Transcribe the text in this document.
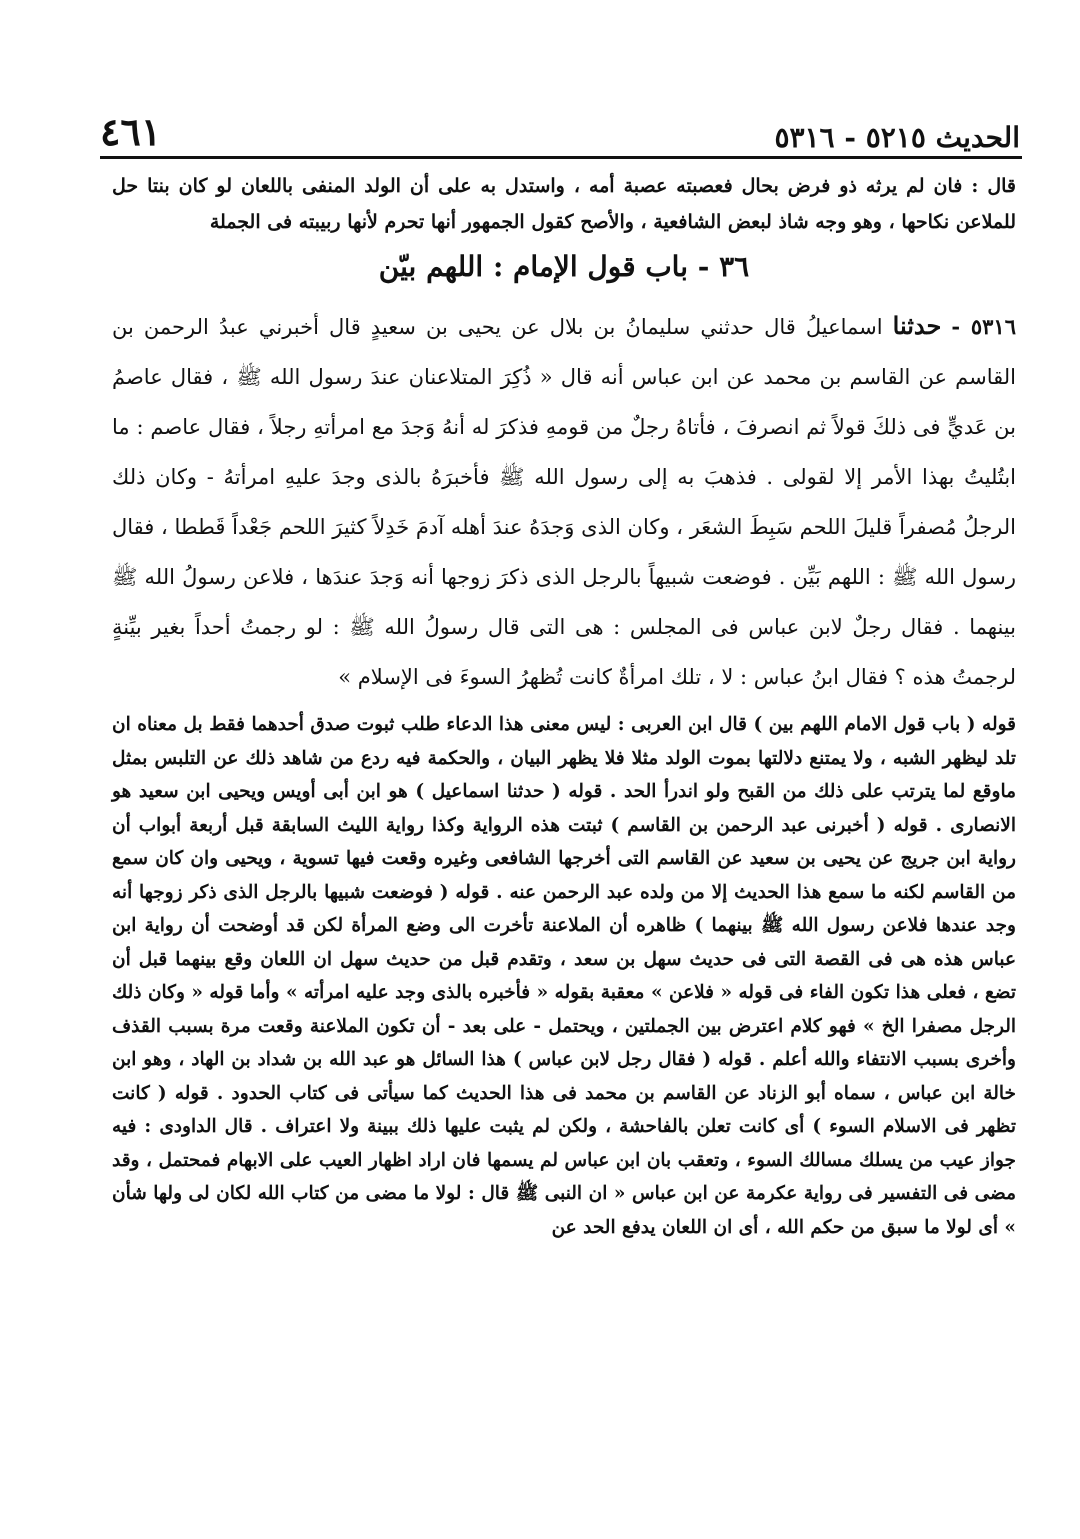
الحديث ٥٢١٥ - ٥٣١٦
٤٦١

قال : فان لم يرثه ذو فرض بحال فعصبته عصبة أمه ، واستدل به على أن الولد المنفى باللعان لو كان بنتا حل للملاعن نكاحها ، وهو وجه شاذ لبعض الشافعية ، والأصح كقول الجمهور أنها تحرم لأنها ربيبته فى الجملة

٣٦ - باب قول الإمام : اللهم بيّن

٥٣١٦ - حدثنا اسماعيلُ قال حدثني سليمانُ بن بلال عن يحيى بن سعيدٍ قال أخبرني عبدُ الرحمن بن القاسم عن القاسم بن محمد عن ابن عباس أنه قال « ذُكِرَ المتلاعنان عندَ رسول الله ﷺ ، فقال عاصمُ بن عَديٍّ فى ذلكَ قولاً ثم انصرفَ ، فأتاهُ رجلٌ من قومهِ فذكرَ له أنهُ وَجدَ مع امرأتهِ رجلاً ، فقال عاصم : ما ابتُليتُ بهذا الأمر إلا لقولى . فذهبَ به إلى رسول الله ﷺ فأخبرَهُ بالذى وجدَ عليهِ امرأتهُ - وكان ذلك الرجلُ مُصفراً قليلَ اللحم سَبِطَ الشعَر ، وكان الذى وَجدَهُ عندَ أهله آدمَ خَدِلاً كثيرَ اللحم جَعْداً قَططا ، فقال رسول الله ﷺ : اللهم بَيِّن . فوضعت شبيهاً بالرجل الذى ذكرَ زوجها أنه وَجدَ عندَها ، فلاعن رسولُ الله ﷺ بينهما . فقال رجلٌ لابن عباس فى المجلس : هى التى قال رسولُ الله ﷺ : لو رجمتُ أحداً بغير بيِّنةٍ لرجمتُ هذه ؟ فقال ابنُ عباس : لا ، تلك امرأةٌ كانت تُظهرُ السوءَ فى الإسلام »

قوله ( باب قول الامام اللهم بين ) قال ابن العربى : ليس معنى هذا الدعاء طلب ثبوت صدق أحدهما فقط بل معناه ان تلد ليظهر الشبه ، ولا يمتنع دلالتها بموت الولد مثلا فلا يظهر البيان ، والحكمة فيه ردع من شاهد ذلك عن التلبس بمثل ماوقع لما يترتب على ذلك من القبح ولو اندرأ الحد . قوله ( حدثنا اسماعيل ) هو ابن أبى أويس ويحيى ابن سعيد هو الانصارى . قوله ( أخبرنى عبد الرحمن بن القاسم ) ثبتت هذه الرواية وكذا رواية الليث السابقة قبل أربعة أبواب أن رواية ابن جريج عن يحيى بن سعيد عن القاسم التى أخرجها الشافعى وغيره وقعت فيها تسوية ، ويحيى وان كان سمع من القاسم لكنه ما سمع هذا الحديث إلا من ولده عبد الرحمن عنه . قوله ( فوضعت شبيها بالرجل الذى ذكر زوجها أنه وجد عندها فلاعن رسول الله ﷺ بينهما ) ظاهره أن الملاعنة تأخرت الى وضع المرأة لكن قد أوضحت أن رواية ابن عباس هذه هى فى القصة التى فى حديث سهل بن سعد ، وتقدم قبل من حديث سهل ان اللعان وقع بينهما قبل أن تضع ، فعلى هذا تكون الفاء فى قوله « فلاعن » معقبة بقوله « فأخبره بالذى وجد عليه امرأته » وأما قوله « وكان ذلك الرجل مصفرا الخ » فهو كلام اعترض بين الجملتين ، ويحتمل - على بعد - أن تكون الملاعنة وقعت مرة بسبب القذف وأخرى بسبب الانتفاء والله أعلم . قوله ( فقال رجل لابن عباس ) هذا السائل هو عبد الله بن شداد بن الهاد ، وهو ابن خالة ابن عباس ، سماه أبو الزناد عن القاسم بن محمد فى هذا الحديث كما سيأتى فى كتاب الحدود . قوله ( كانت تظهر فى الاسلام السوء ) أى كانت تعلن بالفاحشة ، ولكن لم يثبت عليها ذلك ببينة ولا اعتراف . قال الداودى : فيه جواز عيب من يسلك مسالك السوء ، وتعقب بان ابن عباس لم يسمها فان اراد اظهار العيب على الابهام فمحتمل ، وقد مضى فى التفسير فى رواية عكرمة عن ابن عباس « ان النبى ﷺ قال : لولا ما مضى من كتاب الله لكان لى ولها شأن » أى لولا ما سبق من حكم الله ، أى ان اللعان يدفع الحد عن
